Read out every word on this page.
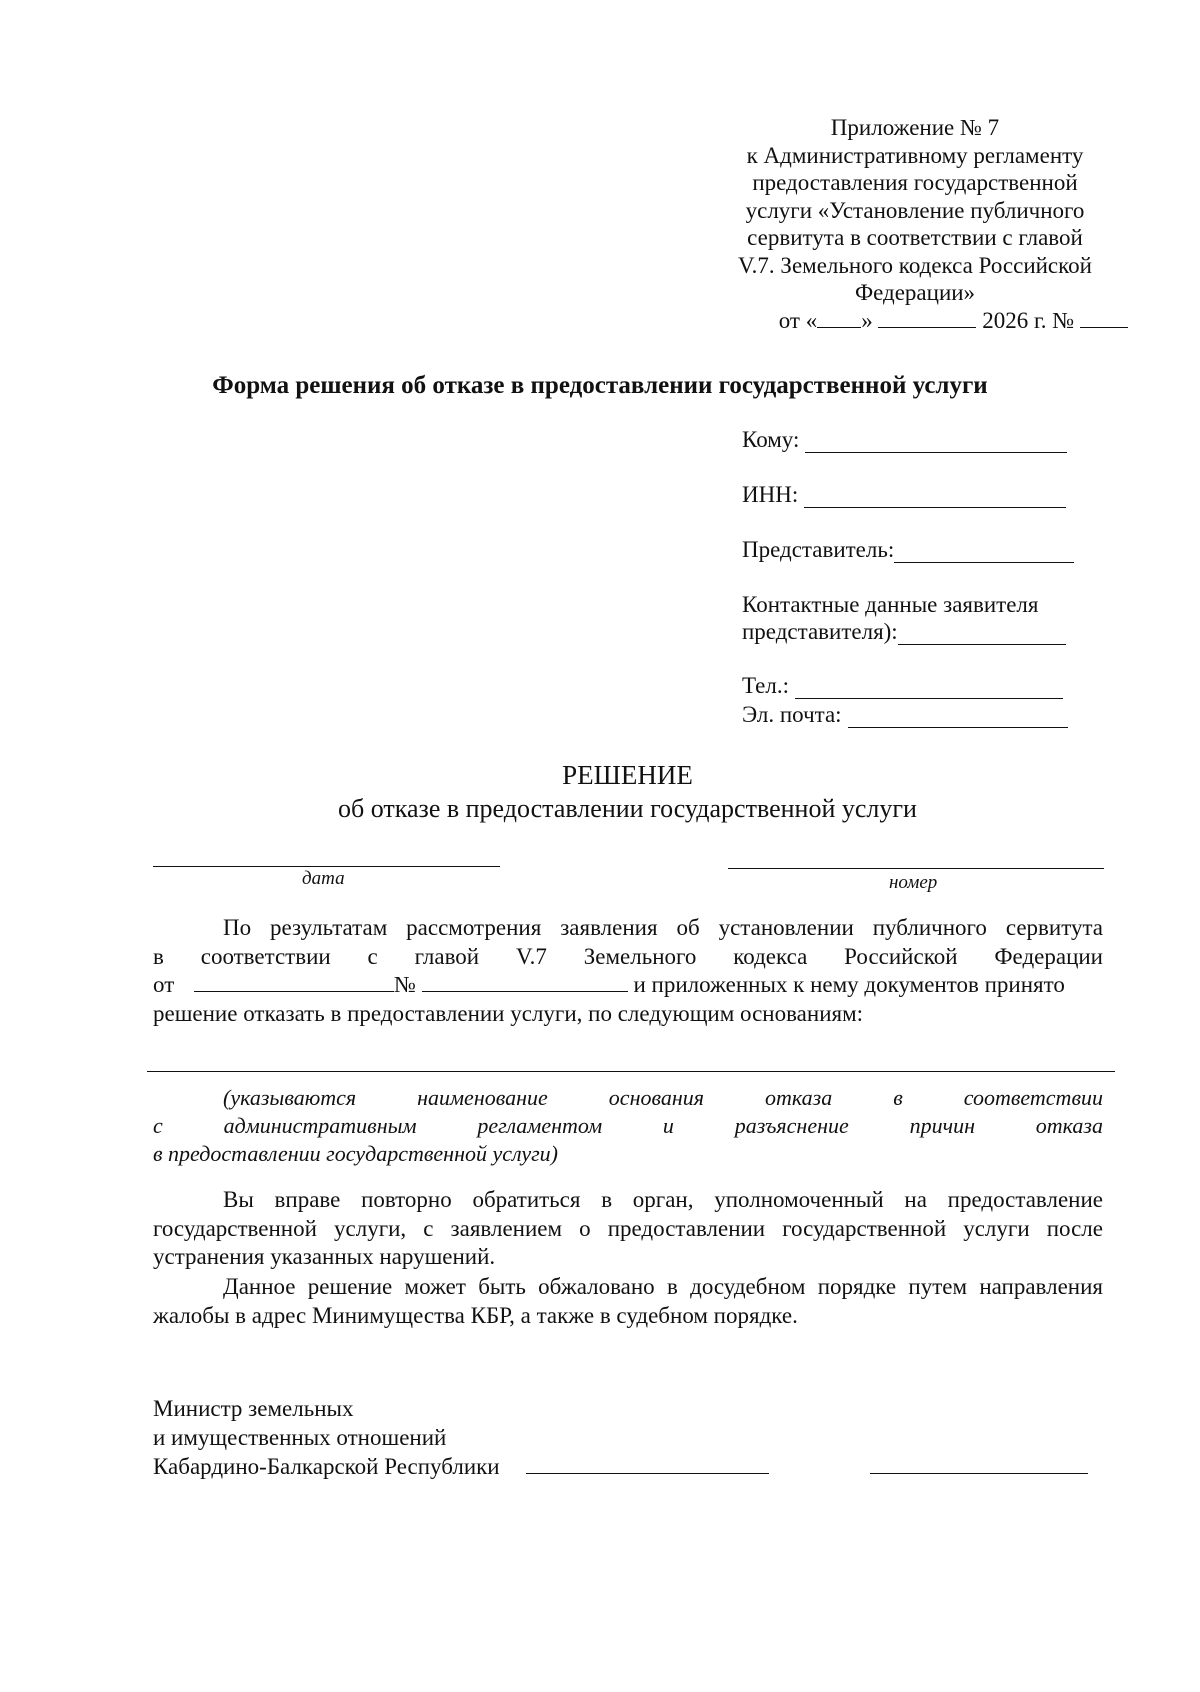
Приложение № 7
к Административному регламенту
предоставления государственной
услуги «Установление публичного
сервитута в соответствии с главой
V.7. Земельного кодекса Российской
Федерации»
от « »	2026 г. №
Форма решения об отказе в предоставлении государственной услуги
Кому:
ИНН:
Представитель:
Контактные данные заявителя
представителя):
Тел.:
Эл. почта:
РЕШЕНИЕ
об отказе в предоставлении государственной услуги
дата	номер
По результатам рассмотрения заявления об установлении публичного сервитута
в соответствии с главой V.7 Земельного кодекса Российской Федерации
от	№	и приложенных к нему документов принято
решение отказать в предоставлении услуги, по следующим основаниям:
(указываются наименование основания отказа в соответствии
с административным регламентом и разъяснение причин отказа
в предоставлении государственной услуги)
Вы вправе повторно обратиться в орган, уполномоченный на предоставление
государственной услуги, с заявлением о предоставлении государственной услуги после
устранения указанных нарушений.
Данное решение может быть обжаловано в досудебном порядке путем направления
жалобы в адрес Минимущества КБР, а также в судебном порядке.
Министр земельных
и имущественных отношений
Кабардино-Балкарской Республики
